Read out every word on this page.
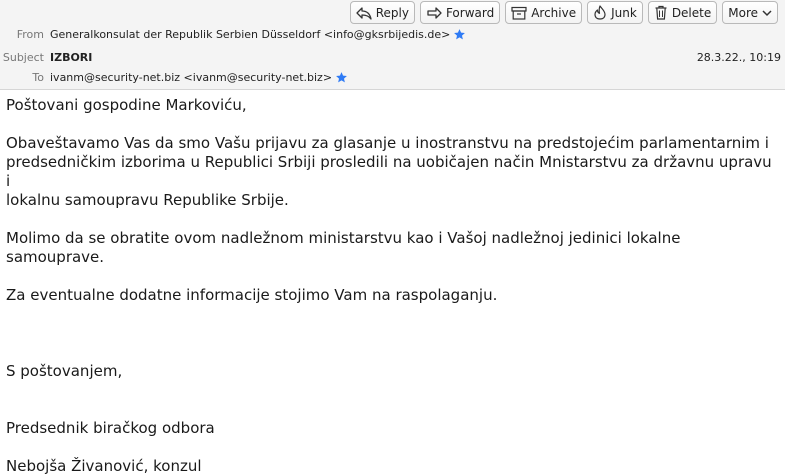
Reply	Forward	Archive	Junk	Delete More
From Generalkonsulat der Republik Serbien Düsseldorf <info@gksrbijedis.de>
Subject IZBORI	28.3.22., 10:19
To ivanm@security-net.biz <ivanm@security-net.biz>

Poštovani gospodine Markoviću,

Obaveštavamo Vas da smo Vašu prijavu za glasanje u inostranstvu na predstojećim parlamentarnim i

predsedničkim izborima u Republici Srbiji prosledili na uobičajen način Mnistarstvu za državnu upravu i

lokalnu samoupravu Republike Srbije.

Molimo da se obratite ovom nadležnom ministarstvu kao i Vašoj nadležnoj jedinici lokalne samouprave.

Za eventualne dodatne informacije stojimo Vam na raspolaganju.

S poštovanjem,

Predsednik biračkog odbora

Nebojša Živanović, konzul
